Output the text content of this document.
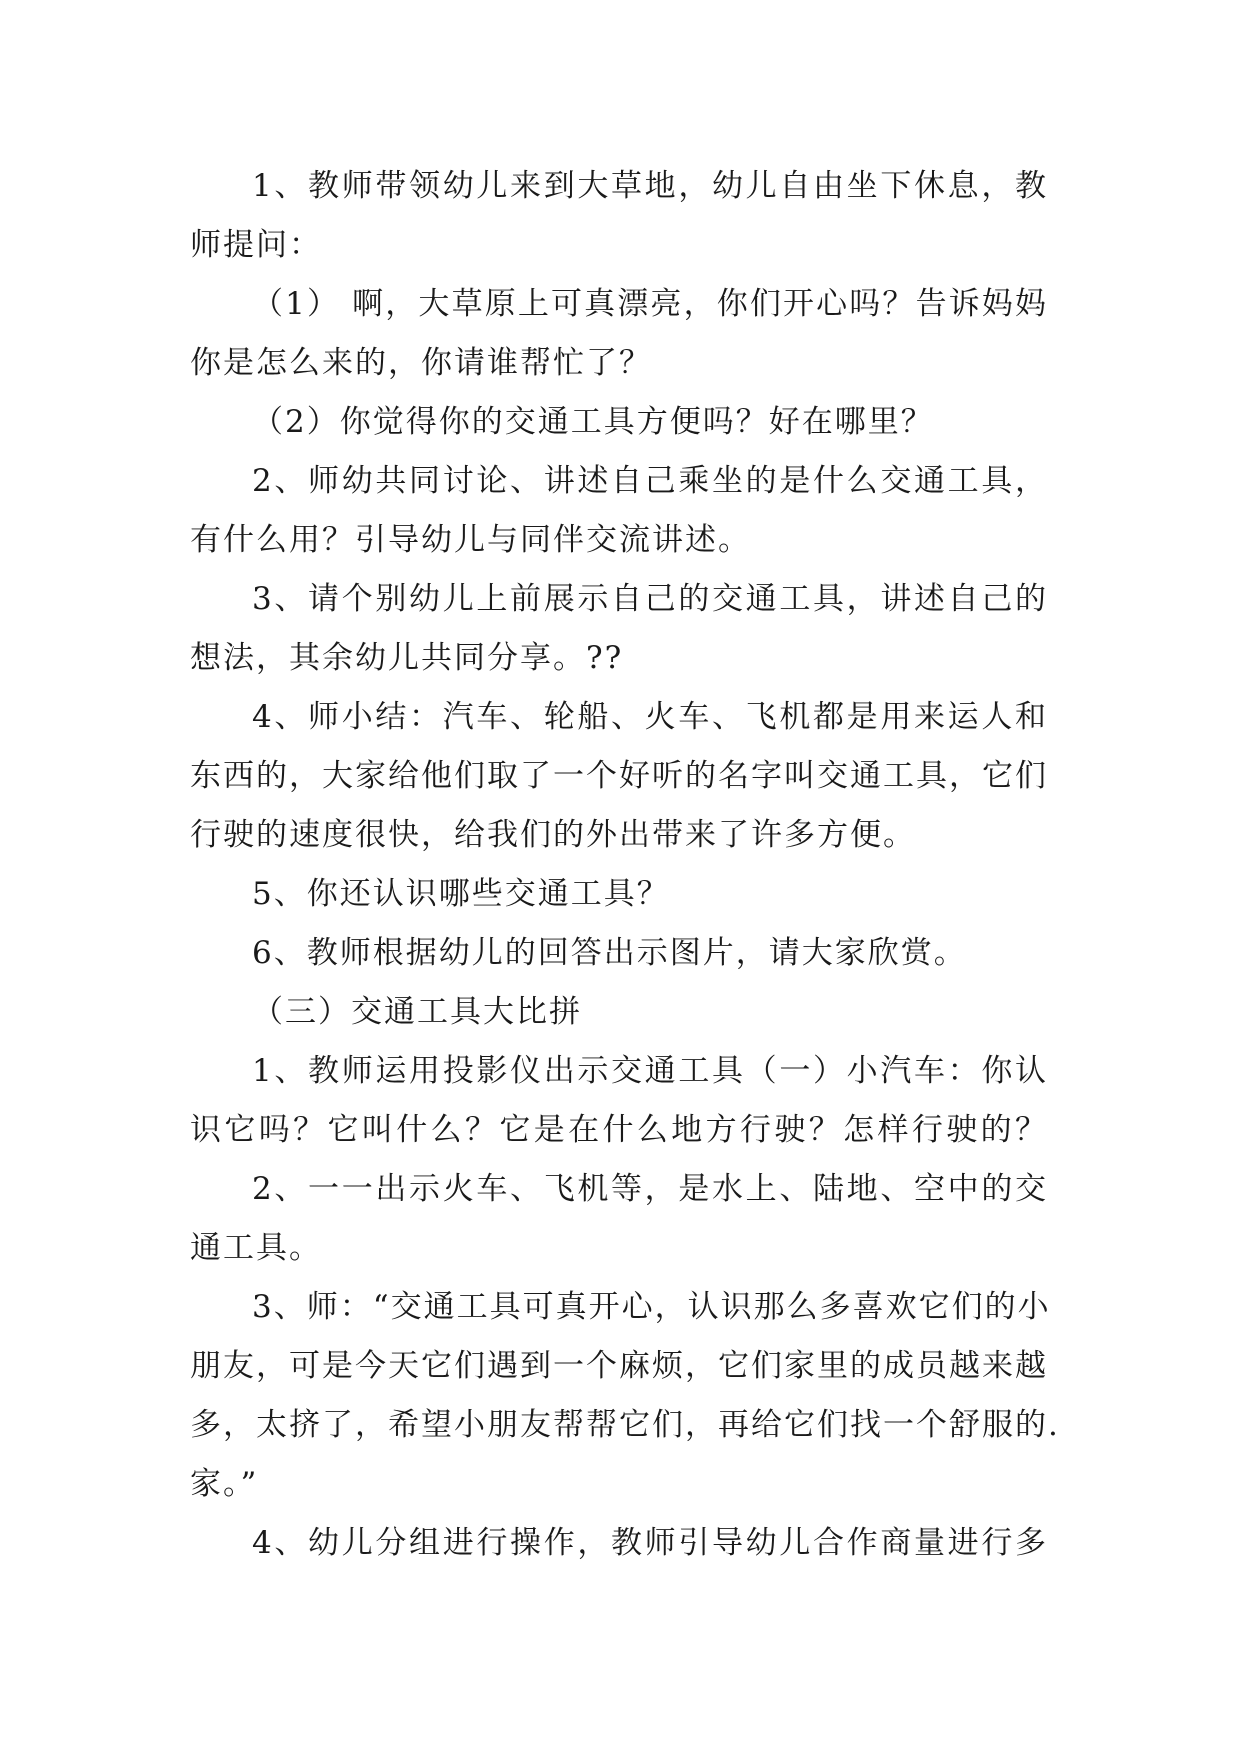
1、教师带领幼儿来到大草地，幼儿自由坐下休息，教
师提问：
（1） 啊，大草原上可真漂亮，你们开心吗？告诉妈妈
你是怎么来的，你请谁帮忙了？
（2）你觉得你的交通工具方便吗？好在哪里？
2、师幼共同讨论、讲述自己乘坐的是什么交通工具，
有什么用？引导幼儿与同伴交流讲述。
3、请个别幼儿上前展示自己的交通工具，讲述自己的
想法，其余幼儿共同分享。??
4、师小结：汽车、轮船、火车、飞机都是用来运人和
东西的，大家给他们取了一个好听的名字叫交通工具，它们
行驶的速度很快，给我们的外出带来了许多方便。
5、你还认识哪些交通工具？
6、教师根据幼儿的回答出示图片，请大家欣赏。
（三）交通工具大比拼
1、教师运用投影仪出示交通工具（一）小汽车：你认
识它吗？它叫什么？它是在什么地方行驶？怎样行驶的？
2、一一出示火车、飞机等，是水上、陆地、空中的交
通工具。
3、师：“交通工具可真开心，认识那么多喜欢它们的小
朋友，可是今天它们遇到一个麻烦，它们家里的成员越来越
多，太挤了，希望小朋友帮帮它们，再给它们找一个舒服的.
家。”
4、幼儿分组进行操作，教师引导幼儿合作商量进行多
